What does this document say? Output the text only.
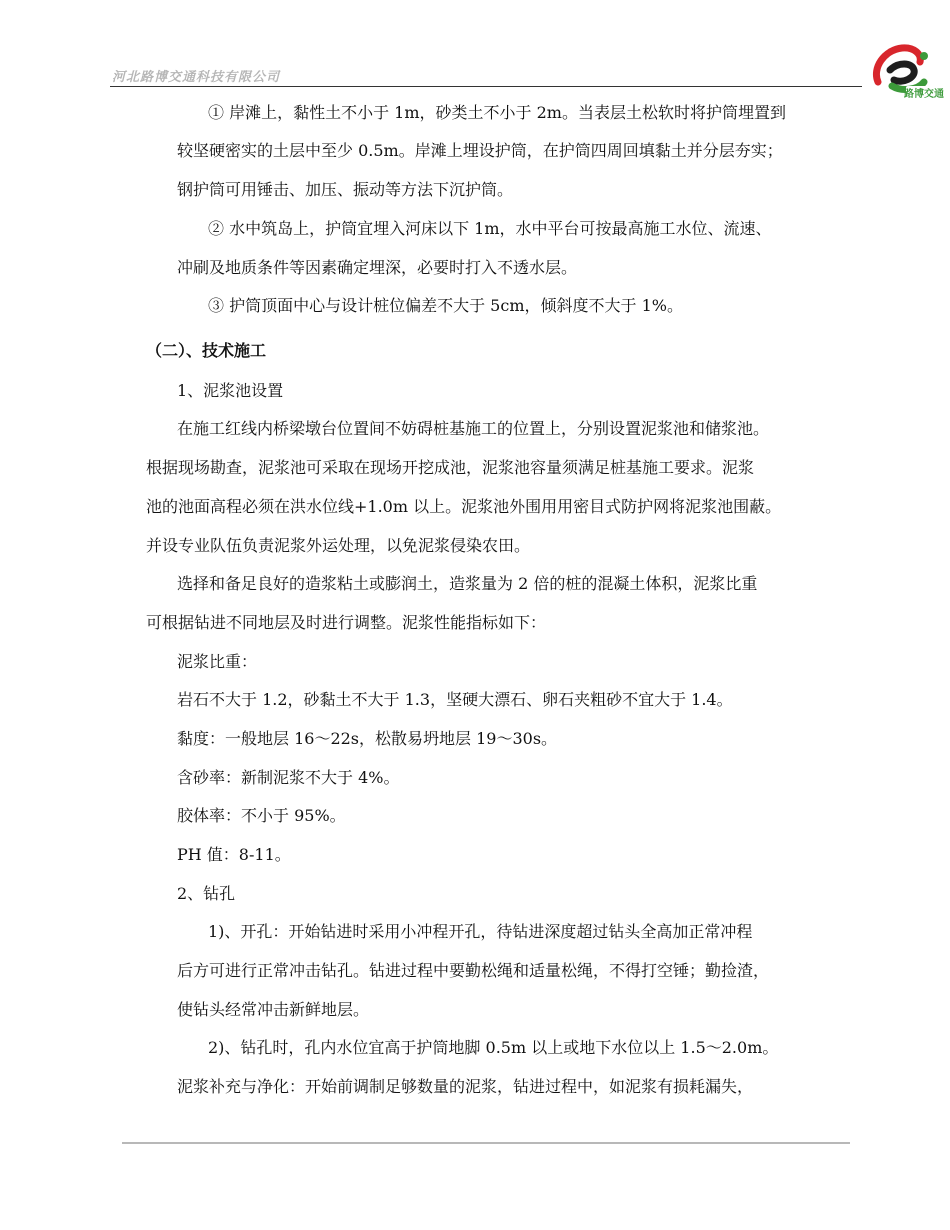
河北路博交通科技有限公司
路博交通
① 岸滩上，黏性土不小于 1m，砂类土不小于 2m。当表层土松软时将护筒埋置到
较坚硬密实的土层中至少 0.5m。岸滩上埋设护筒，在护筒四周回填黏土并分层夯实；
钢护筒可用锤击、加压、振动等方法下沉护筒。
② 水中筑岛上，护筒宜埋入河床以下 1m，水中平台可按最高施工水位、流速、
冲刷及地质条件等因素确定埋深，必要时打入不透水层。
③ 护筒顶面中心与设计桩位偏差不大于 5cm，倾斜度不大于 1%。
（二）、技术施工
1、泥浆池设置
在施工红线内桥梁墩台位置间不妨碍桩基施工的位置上，分别设置泥浆池和储浆池。
根据现场勘查，泥浆池可采取在现场开挖成池，泥浆池容量须满足桩基施工要求。泥浆
池的池面高程必须在洪水位线+1.0m 以上。泥浆池外围用用密目式防护网将泥浆池围蔽。
并设专业队伍负责泥浆外运处理，以免泥浆侵染农田。
选择和备足良好的造浆粘土或膨润土，造浆量为 2 倍的桩的混凝土体积，泥浆比重
可根据钻进不同地层及时进行调整。泥浆性能指标如下：
泥浆比重：
岩石不大于 1.2，砂黏土不大于 1.3，坚硬大漂石、卵石夹粗砂不宜大于 1.4。
黏度：一般地层 16～22s，松散易坍地层 19～30s。
含砂率：新制泥浆不大于 4%。
胶体率：不小于 95%。
PH 值：8-11。
2、钻孔
1)、开孔：开始钻进时采用小冲程开孔，待钻进深度超过钻头全高加正常冲程
后方可进行正常冲击钻孔。钻进过程中要勤松绳和适量松绳，不得打空锤；勤捡渣，
使钻头经常冲击新鲜地层。
2)、钻孔时，孔内水位宜高于护筒地脚 0.5m 以上或地下水位以上 1.5～2.0m。
泥浆补充与净化：开始前调制足够数量的泥浆，钻进过程中，如泥浆有损耗漏失，
